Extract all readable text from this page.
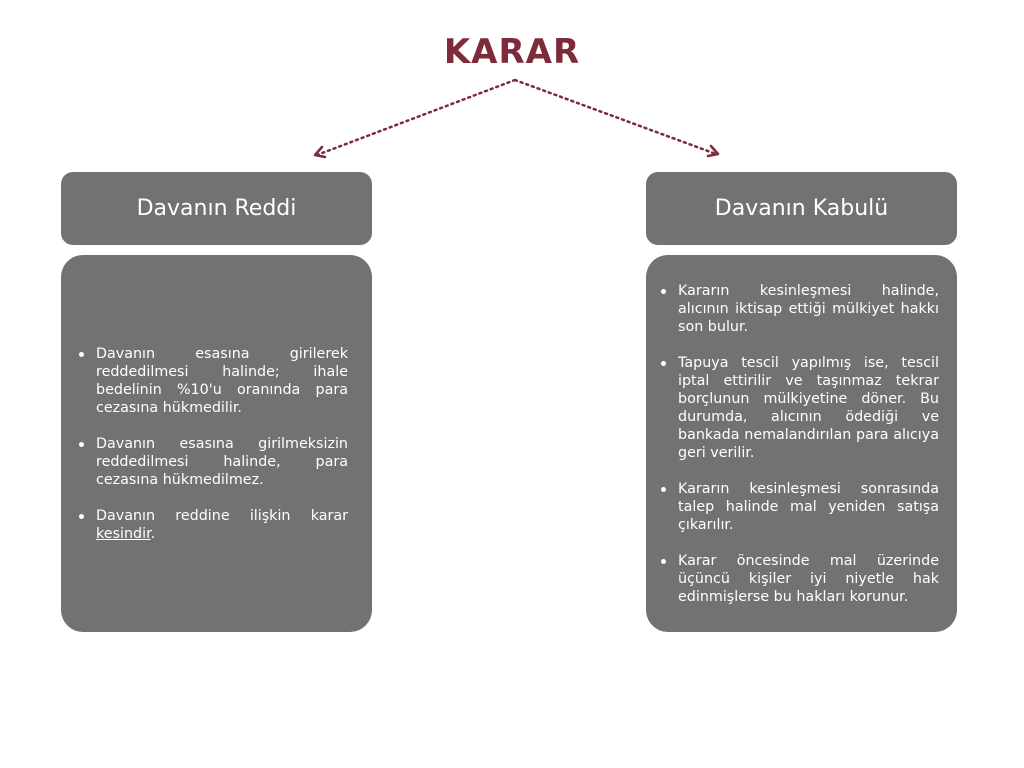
KARAR
Davanın Reddi
Davanın esasına girilerek reddedilmesi halinde; ihale bedelinin %10'u oranında para cezasına hükmedilir.
Davanın esasına girilmeksizin reddedilmesi halinde, para cezasına hükmedilmez.
Davanın reddine ilişkin karar kesindir.
Davanın Kabulü
Kararın kesinleşmesi halinde, alıcının iktisap ettiği mülkiyet hakkı son bulur.
Tapuya tescil yapılmış ise, tescil iptal ettirilir ve taşınmaz tekrar borçlunun mülkiyetine döner. Bu durumda, alıcının ödediği ve bankada nemalandırılan para alıcıya geri verilir.
Kararın kesinleşmesi sonrasında talep halinde mal yeniden satışa çıkarılır.
Karar öncesinde mal üzerinde üçüncü kişiler iyi niyetle hak edinmişlerse bu hakları korunur.
